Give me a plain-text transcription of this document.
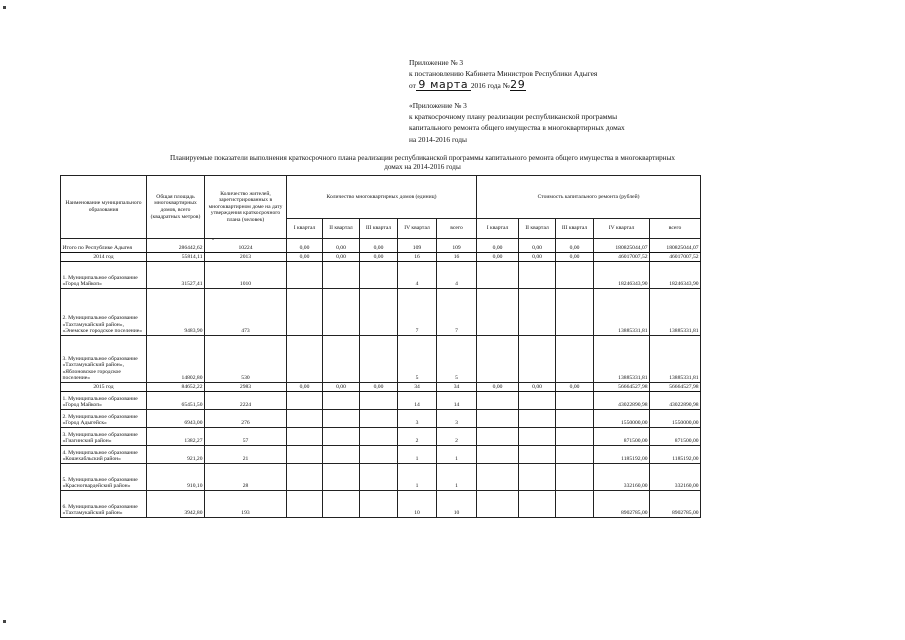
Приложение № 3
к постановлению Кабинета Министров Республики Адыгея
от 9 марта 2016 года №29
«Приложение № 3
к краткосрочному плану реализации республиканской программы
капитального ремонта общего имущества в многоквартирных домах
на 2014-2016 годы
Планируемые показатели выполнения краткосрочного плана реализации республиканской программы капитального ремонта общего имущества в многоквартирных
домах на 2014-2016 годы
Наименование муниципального образования	Общая площадь многоквартирных домов, всего (квадратных метров)	Количество жителей, зарегистрированных в многоквартирном доме на дату утверждения краткосрочного плана (человек)	Количество многоквартирных домов (единиц)					Стоимость капитального ремонта (рублей)				
			I квартал	II квартал	III квартал	IV квартал	всего	I квартал	II квартал	III квартал	IV квартал	всего
Итого по Республике Адыгея	286442,62	10224	0,00	0,00	0,00	109	109	0,00	0,00	0,00	180825044,07	180825044,07
2014 год	55814,11	2013	0,00	0,00	0,00	16	16	0,00	0,00	0,00	46017007,52	46017007,52
1. Муниципальное образование «Город Майкоп»	31527,41	1010				4	4				18246343,90	18246343,90
2. Муниципальное образование «Тахтамукайский район», «Энемское городское поселение»	9483,90	473				7	7				13885331,81	13885331,81
3. Муниципальное образование «Тахтамукайский район», «Яблоновское городское поселение»	14802,80	530				5	5				13885331,81	13885331,81
2015 год	84652,22	2983	0,00	0,00	0,00	34	34	0,00	0,00	0,00	56664527,98	56664527,98
1. Муниципальное образование «Город Майкоп»	65451,50	2224				14	14				43022890,98	43022890,98
2. Муниципальное образование «Город Адыгейск»	6943,00	276				3	3				1550000,00	1550000,00
3. Муниципальное образование «Гиагинский район»	1382,27	57				2	2				871500,00	871500,00
4. Муниципальное образование «Кошехабльский район»	921,20	21				1	1				1185192,00	1185192,00
5. Муниципальное образование «Красногвардейский район»	910,10	28				1	1				332160,00	332160,00
6. Муниципальное образование «Тахтамукайский район»	3942,80	193				10	10				8902785,00	8902785,00
-
